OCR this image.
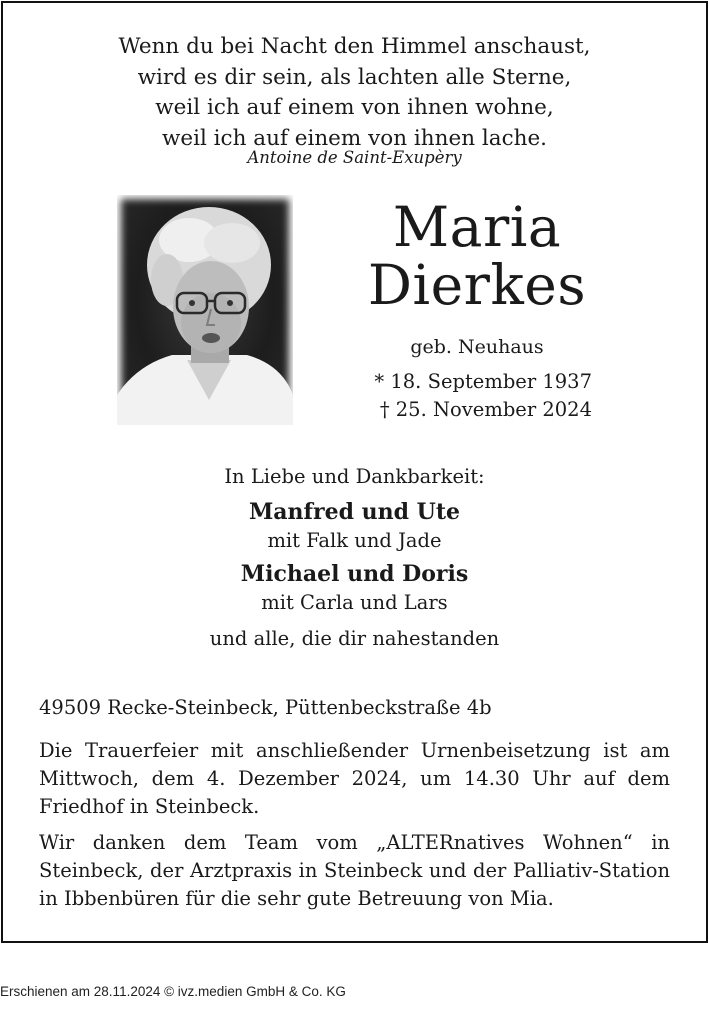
Wenn du bei Nacht den Himmel anschaust,
wird es dir sein, als lachten alle Sterne,
weil ich auf einem von ihnen wohne,
weil ich auf einem von ihnen lache.
Antoine de Saint-Exupèry
Maria
Dierkes
geb. Neuhaus
* 18. September 1937
† 25. November 2024
In Liebe und Dankbarkeit:
Manfred und Ute
mit Falk und Jade
Michael und Doris
mit Carla und Lars
und alle, die dir nahestanden
49509 Recke-Steinbeck, Püttenbeckstraße 4b
Die Trauerfeier mit anschließender Urnenbeisetzung ist am Mittwoch, dem 4. Dezember 2024, um 14.30 Uhr auf dem Friedhof in Steinbeck.
Wir danken dem Team vom „ALTERnatives Wohnen“ in Steinbeck, der Arztpraxis in Steinbeck und der Palliativ-Station in Ibbenbüren für die sehr gute Betreuung von Mia.
Erschienen am 28.11.2024 © ivz.medien GmbH & Co. KG
